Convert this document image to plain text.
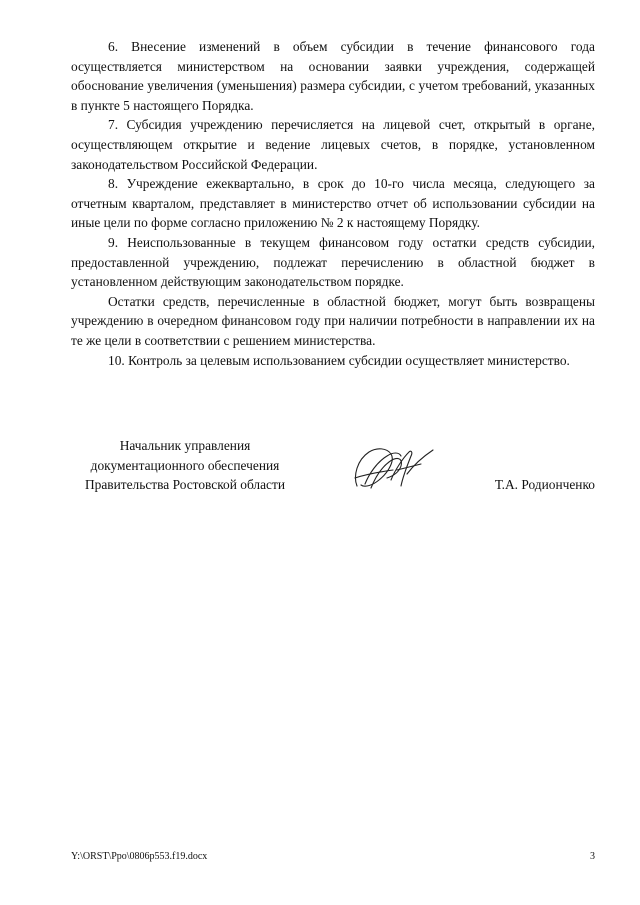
6. Внесение изменений в объем субсидии в течение финансового года осуществляется министерством на основании заявки учреждения, содержащей обоснование увеличения (уменьшения) размера субсидии, с учетом требований, указанных в пункте 5 настоящего Порядка.

7. Субсидия учреждению перечисляется на лицевой счет, открытый в органе, осуществляющем открытие и ведение лицевых счетов, в порядке, установленном законодательством Российской Федерации.

8. Учреждение ежеквартально, в срок до 10-го числа месяца, следующего за отчетным кварталом, представляет в министерство отчет об использовании субсидии на иные цели по форме согласно приложению № 2 к настоящему Порядку.

9. Неиспользованные в текущем финансовом году остатки средств субсидии, предоставленной учреждению, подлежат перечислению в областной бюджет в установленном действующим законодательством порядке.

Остатки средств, перечисленные в областной бюджет, могут быть возвращены учреждению в очередном финансовом году при наличии потребности в направлении их на те же цели в соответствии с решением министерства.

10. Контроль за целевым использованием субсидии осуществляет министерство.

Начальник управления
документационного обеспечения
Правительства Ростовской области	Т.А. Родионченко
Y:\ORST\Ppo\0806p553.f19.docx	3
